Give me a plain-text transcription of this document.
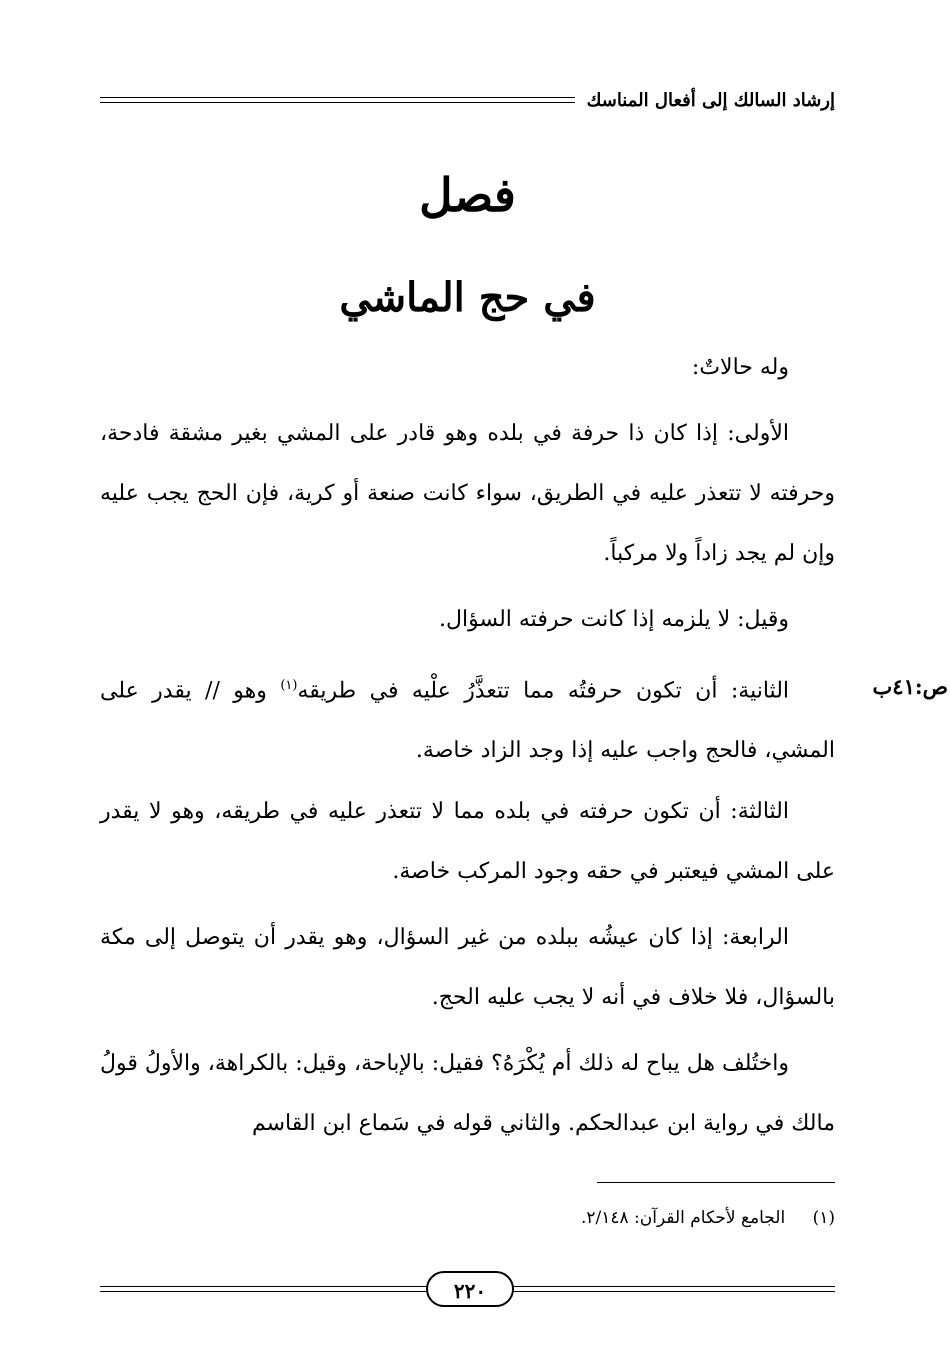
إرشاد السالك إلى أفعال المناسك
فصل
في حج الماشي

وله حالاتٌ:

الأولى: إذا كان ذا حرفة في بلده وهو قادر على المشي بغير مشقة فادحة، وحرفته لا تتعذر عليه في الطريق، سواء كانت صنعة أو كرية، فإن الحج يجب عليه وإن لم يجد زاداً ولا مركباً.

وقيل: لا يلزمه إذا كانت حرفته السؤال.

ص:٤١ب

الثانية: أن تكون حرفتُه مما تتعذَّرُ علْيه في طريقه$^{(١)}$ وهو // يقدر على المشي، فالحج واجب عليه إذا وجد الزاد خاصة.

الثالثة: أن تكون حرفته في بلده مما لا تتعذر عليه في طريقه، وهو لا يقدر على المشي فيعتبر في حقه وجود المركب خاصة.

الرابعة: إذا كان عيشُه ببلده من غير السؤال، وهو يقدر أن يتوصل إلى مكة بالسؤال، فلا خلاف في أنه لا يجب عليه الحج.

واختُلف هل يباح له ذلك أم يُكْرَهُ؟ فقيل: بالإباحة، وقيل: بالكراهة، والأولُ قولُ مالك في رواية ابن عبدالحكم. والثاني قوله في سَماع ابن القاسم

(١) الجامع لأحكام القرآن: ٢/١٤٨.
٢٢٠
